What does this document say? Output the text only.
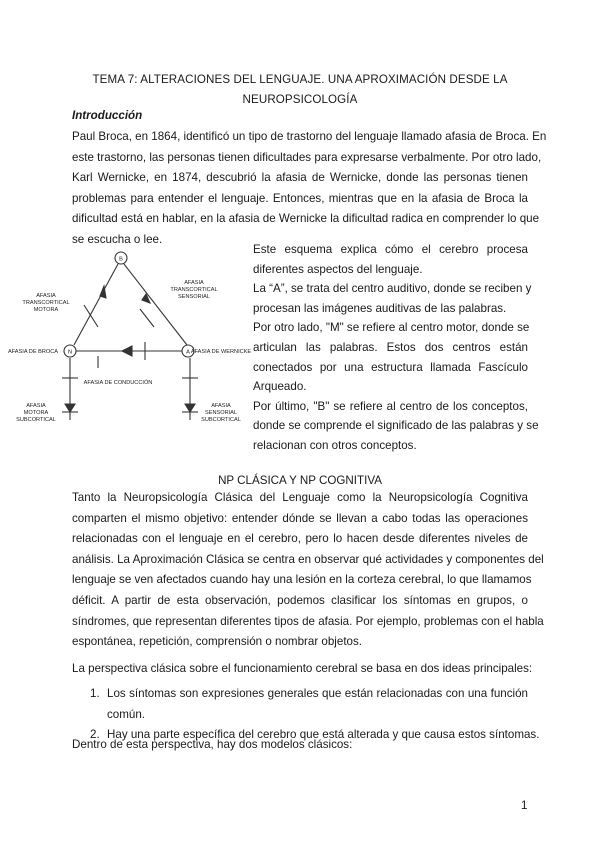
TEMA 7: ALTERACIONES DEL LENGUAJE. UNA APROXIMACIÓN DESDE LA
NEUROPSICOLOGÍA
Introducción
Paul Broca, en 1864, identificó un tipo de trastorno del lenguaje llamado afasia de Broca. En
este trastorno, las personas tienen dificultades para expresarse verbalmente. Por otro lado,
Karl Wernicke, en 1874, descubrió la afasia de Wernicke, donde las personas tienen
problemas para entender el lenguaje. Entonces, mientras que en la afasia de Broca la
dificultad está en hablar, en la afasia de Wernicke la dificultad radica en comprender lo que
se escucha o lee.
B
N	A
AFASIA
TRANSCORTICAL
MOTORA
AFASIA
TRANSCORTICAL
SENSORIAL
AFASIA DE BROCA	AFASIA DE WERNICKE
AFASIA DE CONDUCCIÓN
AFASIA
MOTORA
SUBCORTICAL
AFASIA
SENSORIAL
SUBCORTICAL
Este esquema explica cómo el cerebro procesa
diferentes aspectos del lenguaje.
La “A”, se trata del centro auditivo, donde se reciben y
procesan las imágenes auditivas de las palabras.
Por otro lado, "M" se refiere al centro motor, donde se
articulan las palabras. Estos dos centros están
conectados por una estructura llamada Fascículo
Arqueado.
Por último, "B" se refiere al centro de los conceptos,
donde se comprende el significado de las palabras y se
relacionan con otros conceptos.
NP CLÁSICA Y NP COGNITIVA
Tanto la Neuropsicología Clásica del Lenguaje como la Neuropsicología Cognitiva
comparten el mismo objetivo: entender dónde se llevan a cabo todas las operaciones
relacionadas con el lenguaje en el cerebro, pero lo hacen desde diferentes niveles de
análisis. La Aproximación Clásica se centra en observar qué actividades y componentes del
lenguaje se ven afectados cuando hay una lesión en la corteza cerebral, lo que llamamos
déficit. A partir de esta observación, podemos clasificar los síntomas en grupos, o
síndromes, que representan diferentes tipos de afasia. Por ejemplo, problemas con el habla
espontánea, repetición, comprensión o nombrar objetos.
La perspectiva clásica sobre el funcionamiento cerebral se basa en dos ideas principales:
1. Los síntomas son expresiones generales que están relacionadas con una función
común.
2. Hay una parte específica del cerebro que está alterada y que causa estos síntomas.
Dentro de esta perspectiva, hay dos modelos clásicos:
1
